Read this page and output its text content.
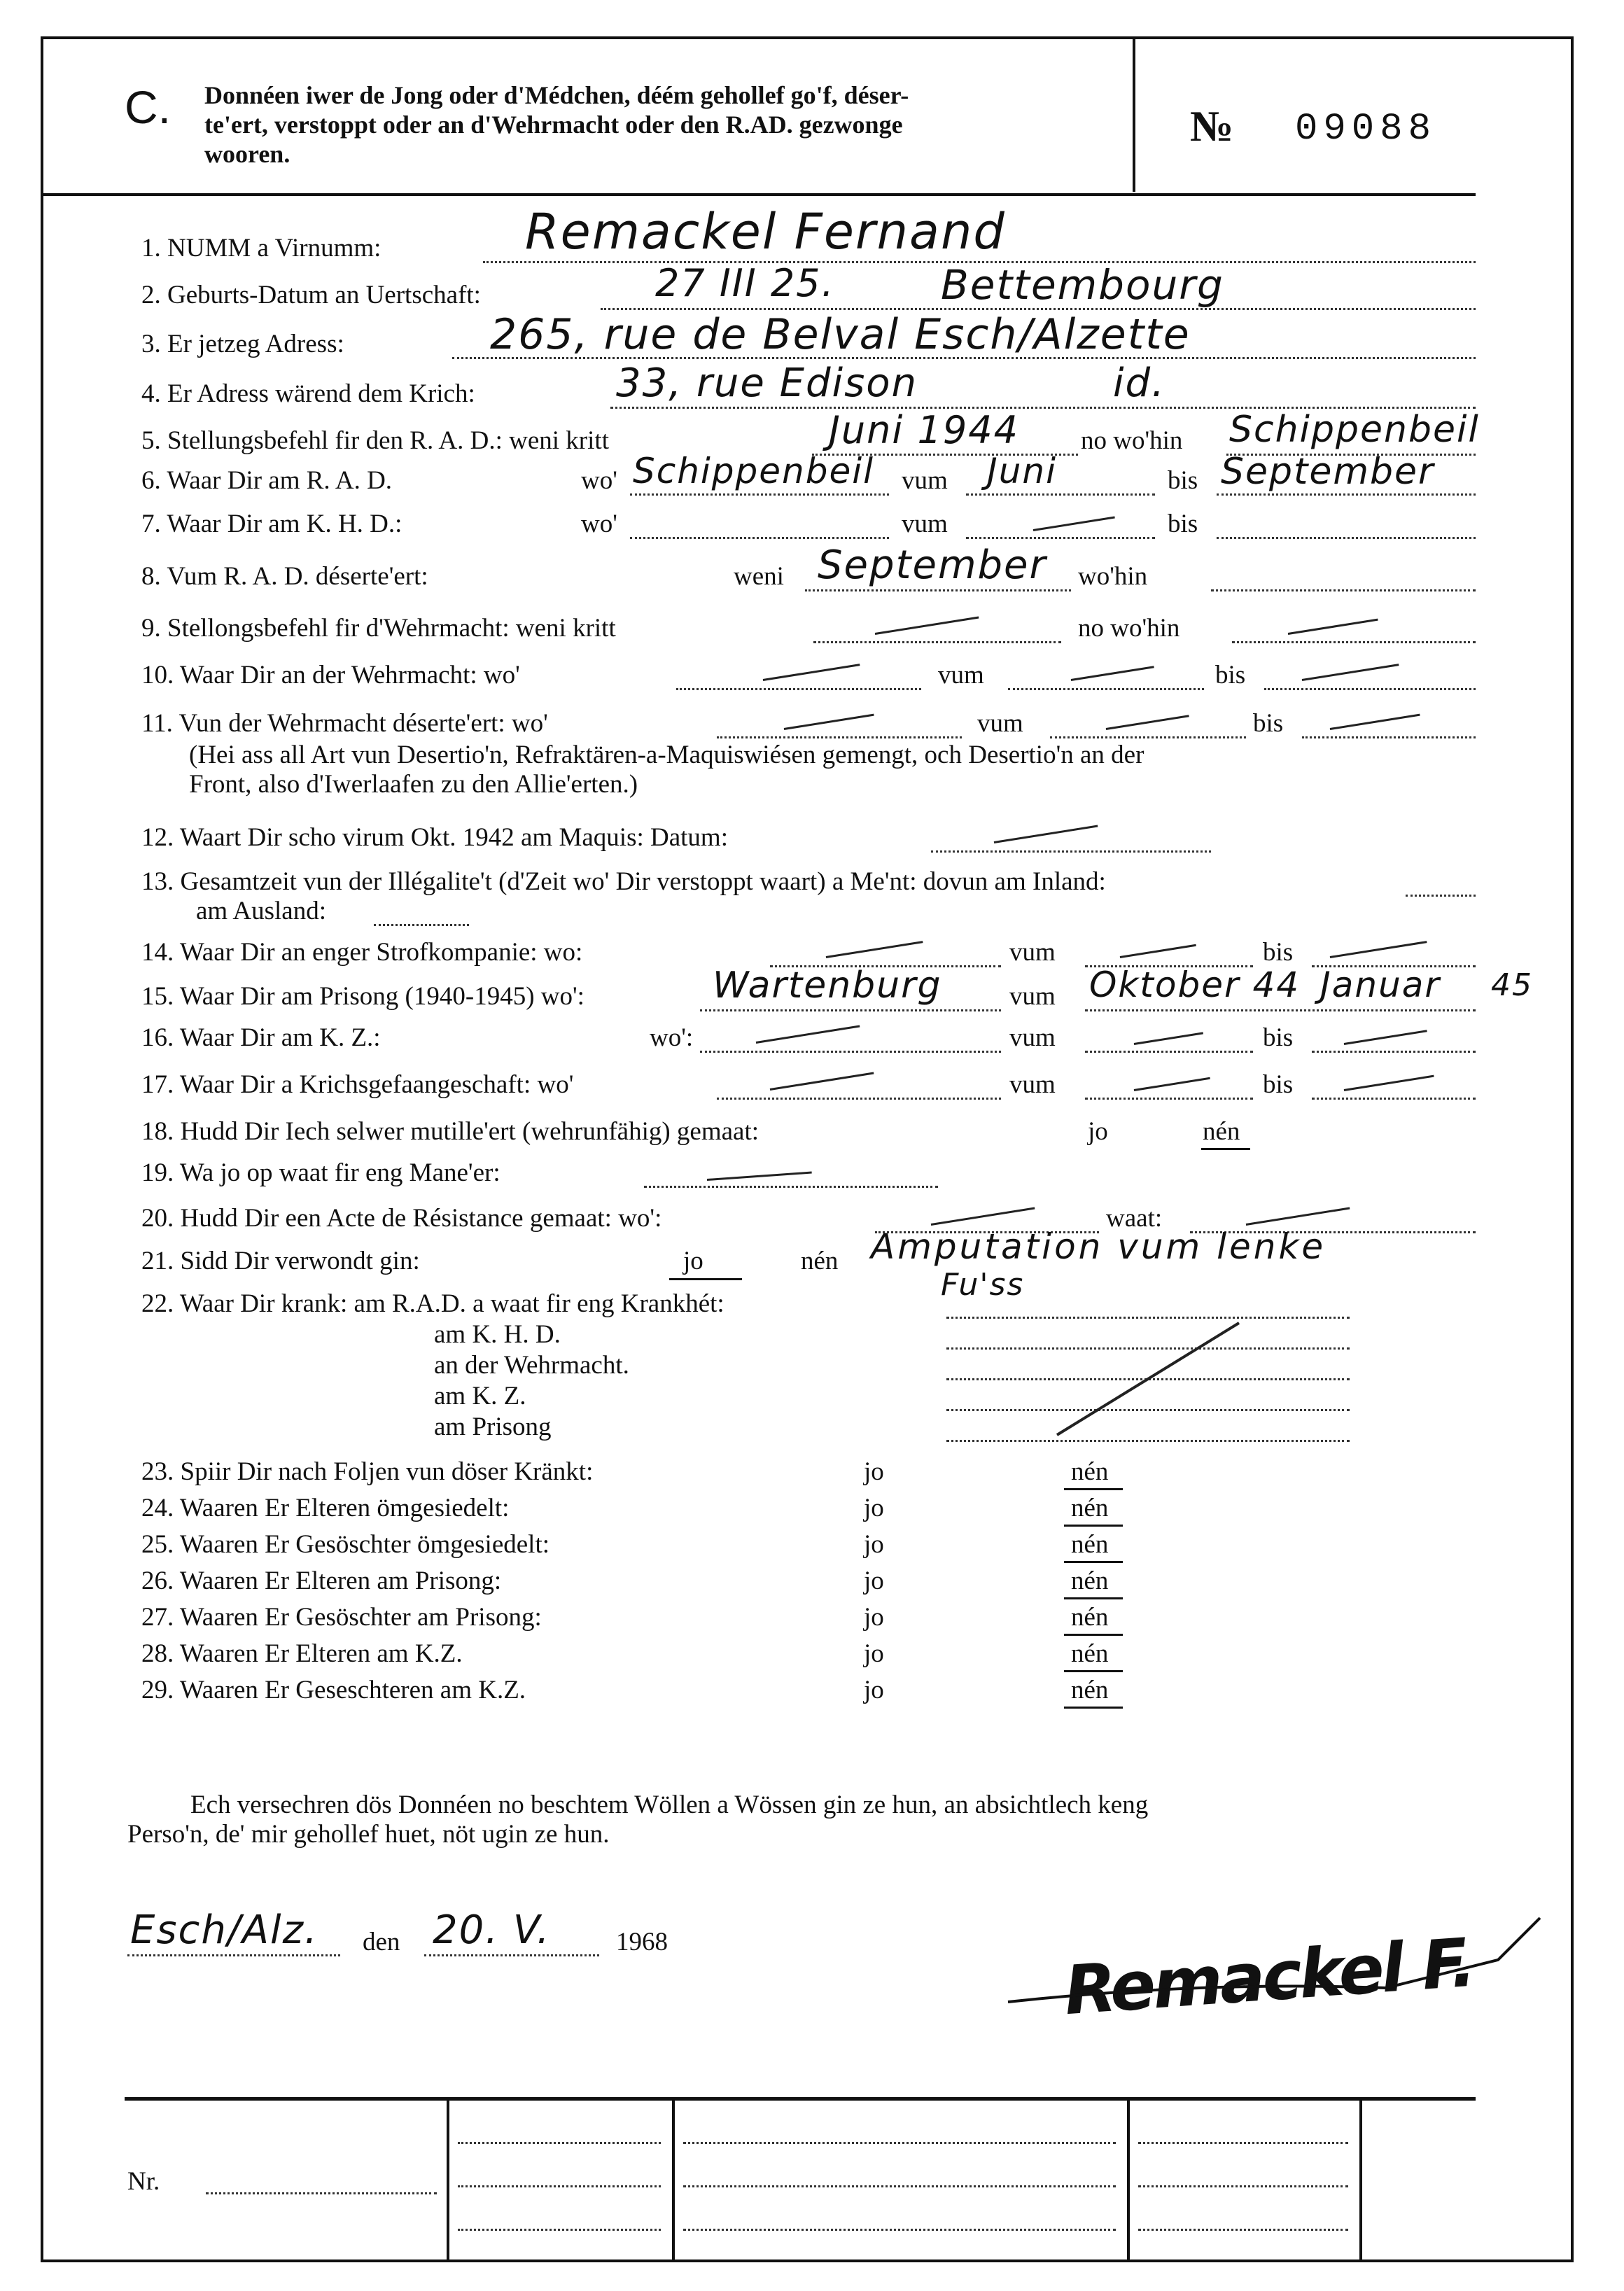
C. Donnéen iwer de Jong oder d'Médchen, déém gehollef go'f, déser-
te'ert, verstoppt oder an d'Wehrmacht oder den R.AD. gezwonge
wooren.
№ 09088
1. NUMM a Virnumm:	Remackel Fernand
2. Geburts-Datum an Uertschaft:	27 III 25.	Bettembourg
3. Er jetzeg Adress:	265, rue de Belval Esch/Alzette
4. Er Adress wärend dem Krich:	33, rue Edison	id.
5. Stellungsbefehl fir den R. A. D.: weni kritt	Juni 1944 no wo'hin Schippenbeil
6. Waar Dir am R. A. D.	wo' Schippenbeil vum Juni	bis September
7. Waar Dir am K. H. D.:	wo'	vum	bis
8. Vum R. A. D. déserte'ert:	weni September wo'hin
9. Stellongsbefehl fir d'Wehrmacht: weni kritt	no wo'hin
10. Waar Dir an der Wehrmacht: wo'	vum	bis
11. Vun der Wehrmacht déserte'ert: wo'	vum	bis
(Hei ass all Art vun Desertio'n, Refraktären-a-Maquiswiésen gemengt, och Desertio'n an der
Front, also d'Iwerlaafen zu den Allie'erten.)
12. Waart Dir scho virum Okt. 1942 am Maquis: Datum:
13. Gesamtzeit vun der Illégalite't (d'Zeit wo' Dir verstoppt waart) a Me'nt: dovun am Inland:
am Ausland:
14. Waar Dir an enger Strofkompanie: wo:	vum	bis
15. Waar Dir am Prisong (1940-1945) wo':	Wartenburg	vum Oktober 44 Januar 45
16. Waar Dir am K. Z.:	wo':	vum	bis
17. Waar Dir a Krichsgefaangeschaft: wo'	vum	bis
18. Hudd Dir Iech selwer mutille'ert (wehrunfähig) gemaat:	jo	nén
19. Wa jo op waat fir eng Mane'er:
20. Hudd Dir een Acte de Résistance gemaat: wo':	waat:
21. Sidd Dir verwondt gin:	jo	nén Amputation vum lenke
Fu'ss
22. Waar Dir krank: am R.A.D. a waat fir eng Krankhét:
am K. H. D.
an der Wehrmacht.
am K. Z.
am Prisong
23. Spiir Dir nach Foljen vun döser Kränkt:	jo	nén
24. Waaren Er Elteren ömgesiedelt:	jo	nén
25. Waaren Er Gesöschter ömgesiedelt:	jo	nén
26. Waaren Er Elteren am Prisong:	jo	nén
27. Waaren Er Gesöschter am Prisong:	jo	nén
28. Waaren Er Elteren am K.Z.	jo	nén
29. Waaren Er Geseschteren am K.Z.	jo	nén
Ech versechren dös Donnéen no beschtem Wöllen a Wössen gin ze hun, an absichtlech keng
Perso'n, de' mir gehollef huet, nöt ugin ze hun.
Esch/Alz. den 20. V.	1968	Remackel F.
Nr.
